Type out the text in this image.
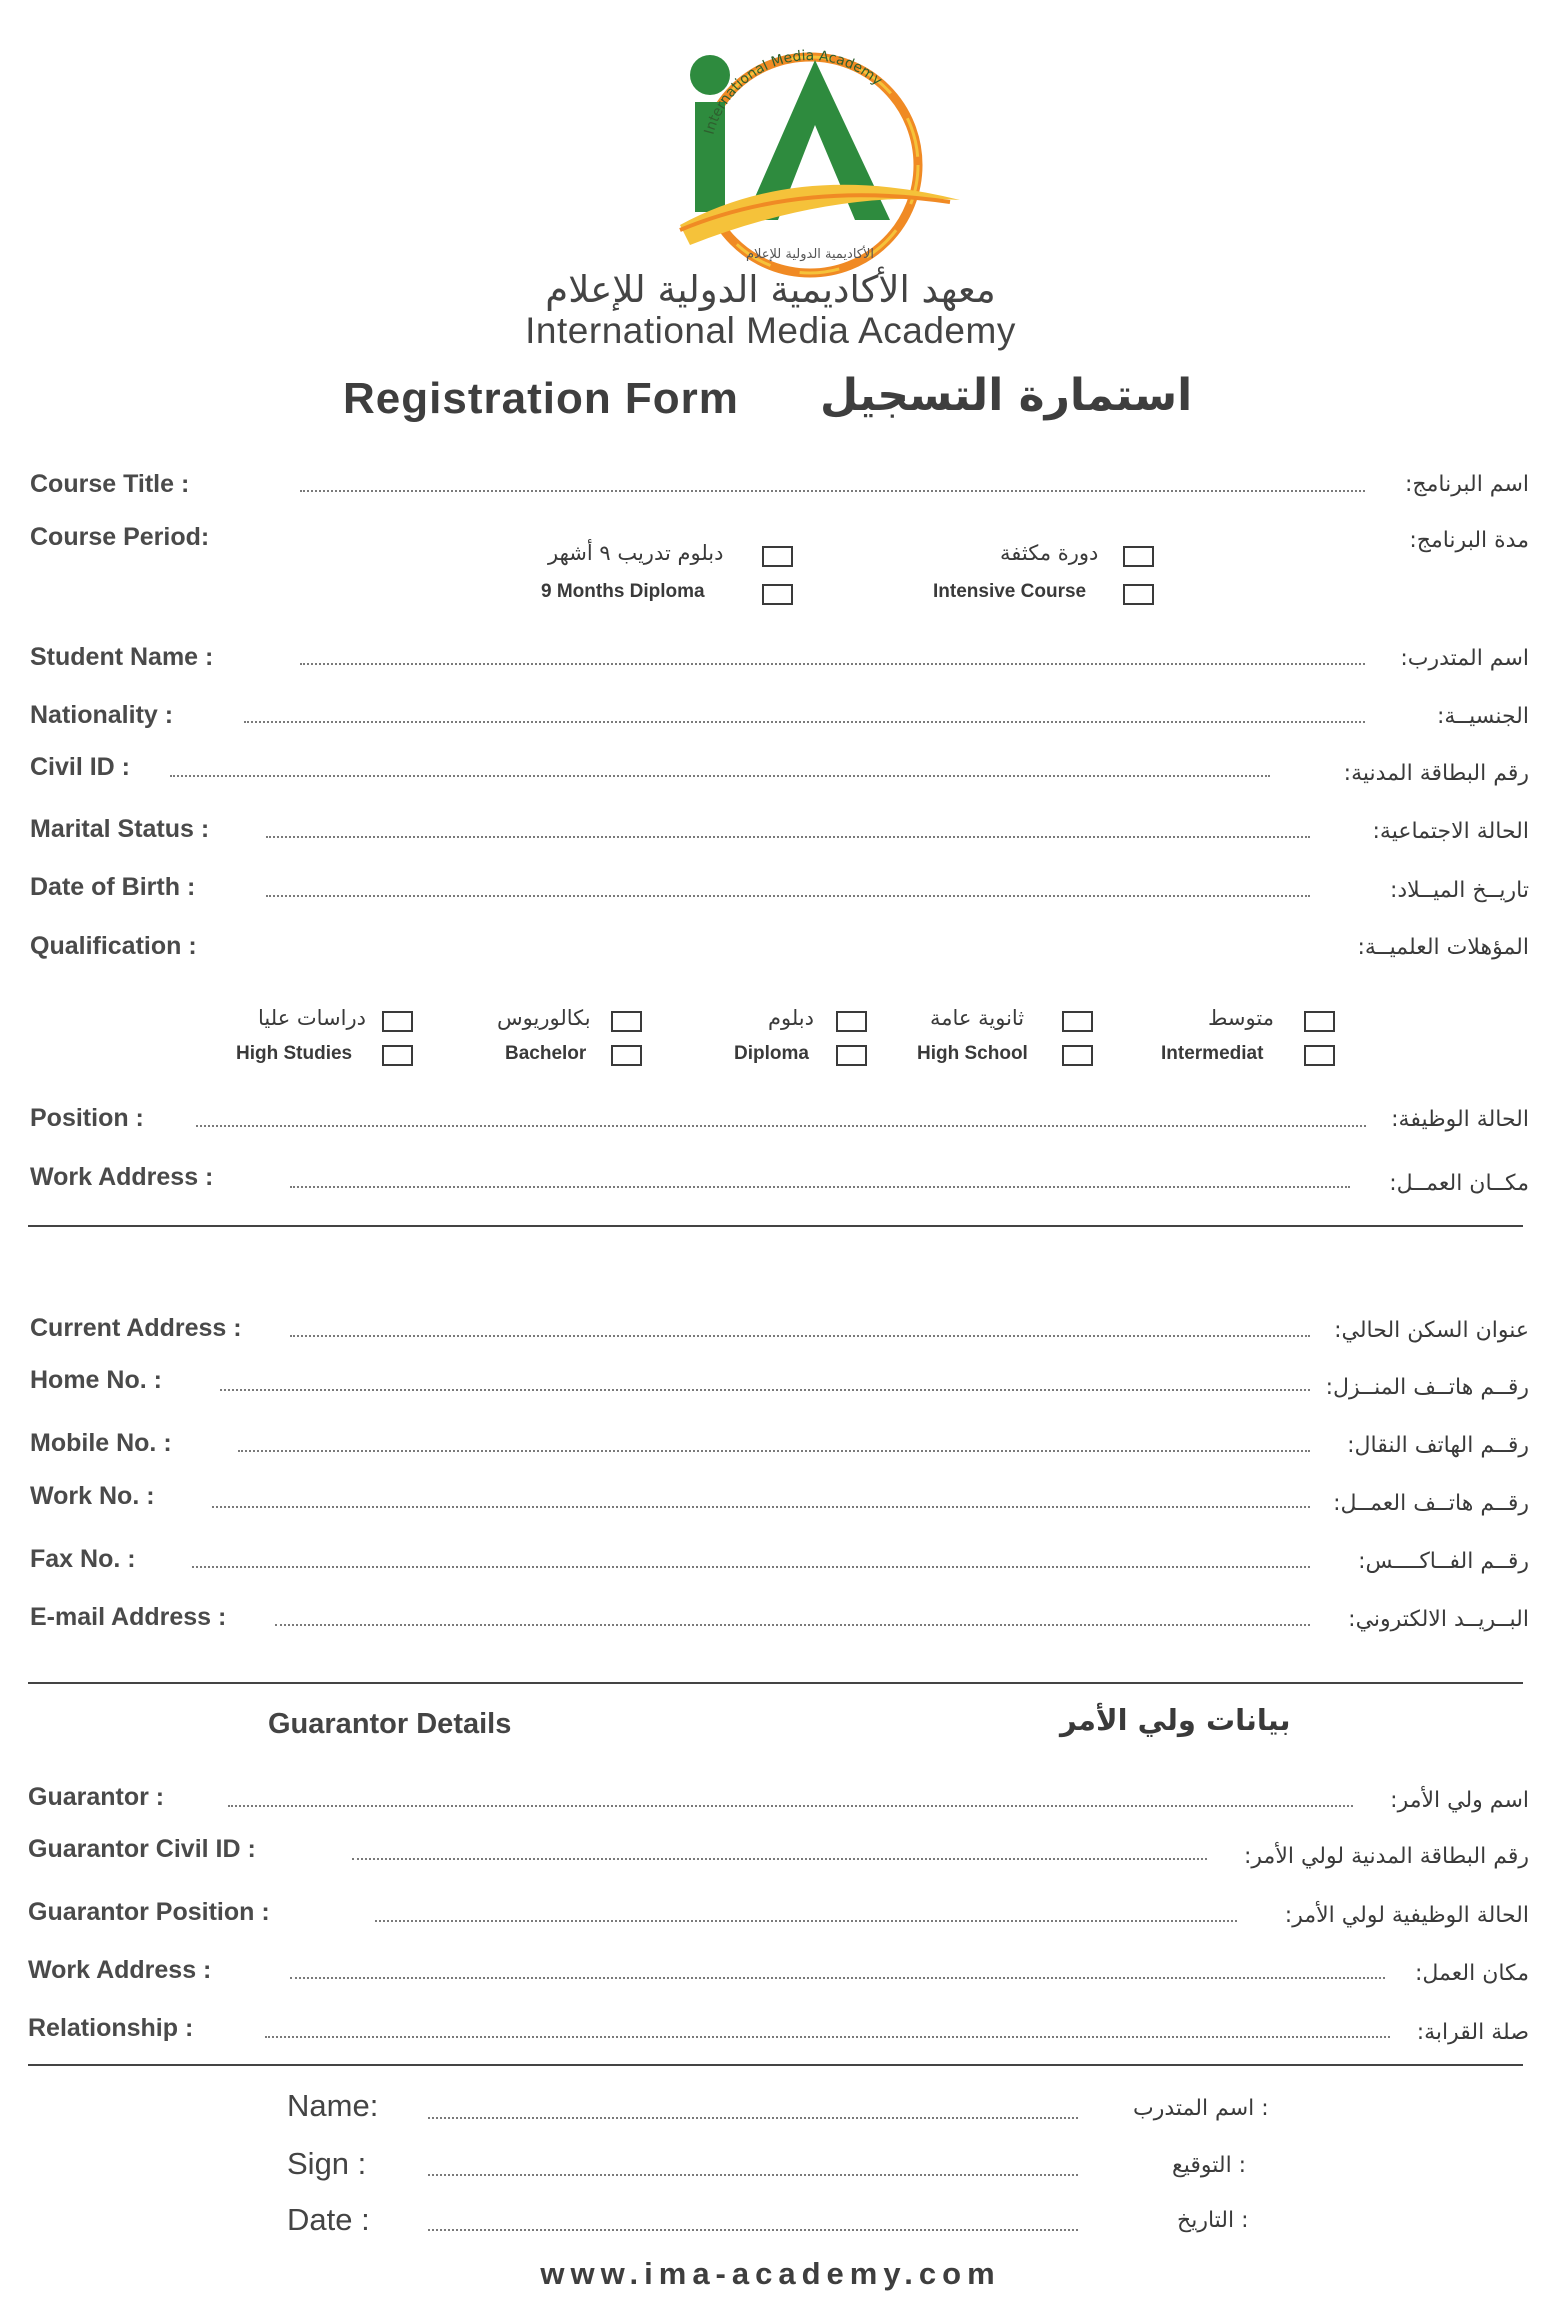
International Media Academy
الأكاديمية الدولية للإعلام
معهد الأكاديمية الدولية للإعلام
International Media Academy
Registration Form استمارة التسجيل
Course Title :	اسم البرنامج:
Course Period:	مدة البرنامج:
دبلوم تدريب ٩ أشهر
9 Months Diploma
دورة مكثفة
Intensive Course
Student Name :	اسم المتدرب:
Nationality :	الجنسيــة:
Civil ID :	رقم البطاقة المدنية:
Marital Status :	الحالة الاجتماعية:
Date of Birth :	تاريــخ الميــلاد:
Qualification :	المؤهلات العلميــة:
دراسات عليا
High Studies
بكالوريوس
Bachelor
دبلوم
Diploma
ثانوية عامة
High School
متوسط
Intermediat
Position :	الحالة الوظيفة:
Work Address :	مكــان العمــل:
Current Address :	عنوان السكن الحالي:
Home No. :	رقــم هاتــف المنــزل:
Mobile No. :	رقــم الهاتف النقال:
Work No. :	رقــم هاتــف العمــل:
Fax No. :	رقــم الفــاكــــس:
E-mail Address :	البــريــد الالكتروني:
Guarantor Details	بيانات ولي الأمر
Guarantor :	اسم ولي الأمر:
Guarantor Civil ID :	رقم البطاقة المدنية لولي الأمر:
Guarantor Position :	الحالة الوظيفية لولي الأمر:
Work Address :	مكان العمل:
Relationship :	صلة القرابة:
Name:	اسم المتدرب :
Sign :	التوقيع :
Date :	التاريخ :
www.ima-academy.com
